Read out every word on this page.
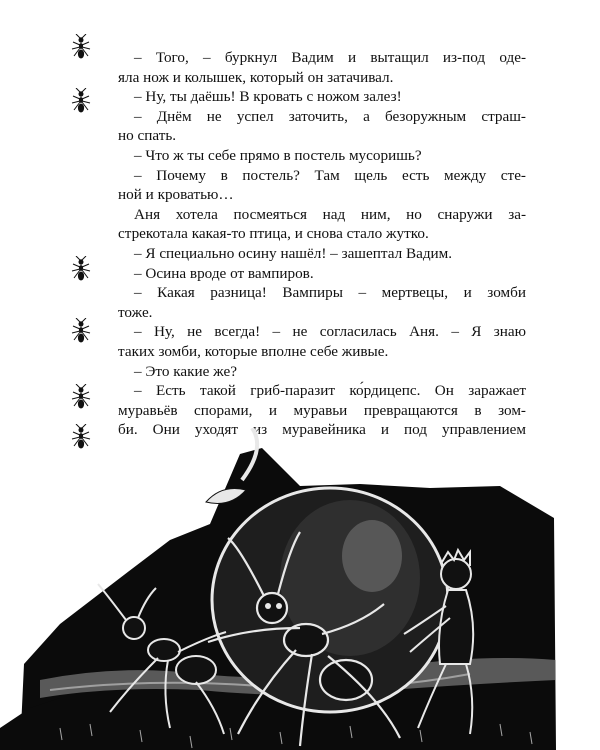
– Того, – буркнул Вадим и вытащил из-под оде-
яла нож и колышек, который он затачивал.
– Ну, ты даёшь! В кровать с ножом залез!
– Днём не успел заточить, а безоружным страш-
но спать.
– Что ж ты себе прямо в постель мусоришь?
– Почему в постель? Там щель есть между сте-
ной и кроватью…
Аня хотела посмеяться над ним, но снаружи за-
стрекотала какая-то птица, и снова стало жутко.
– Я специально осину нашёл! – зашептал Вадим.
– Осина вроде от вампиров.
– Какая разница! Вампиры – мертвецы, и зомби
тоже.
– Ну, не всегда! – не согласилась Аня. – Я знаю
таких зомби, которые вполне себе живые.
– Это какие же?
– Есть такой гриб-паразит ко́рдицепс. Он заражает
муравьёв спорами, и муравьи превращаются в зом-
би. Они уходят из муравейника и под управлением
